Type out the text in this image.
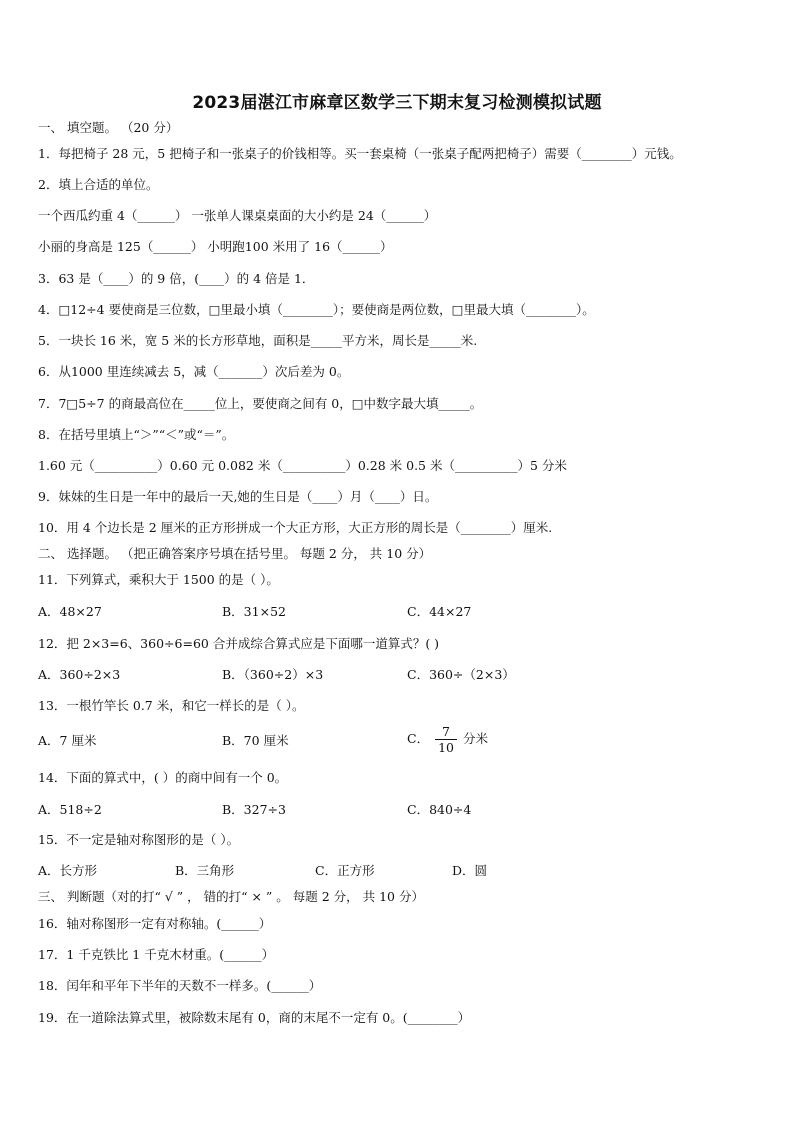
2023届湛江市麻章区数学三下期末复习检测模拟试题
一、 填空题。 （20 分）
1．每把椅子 28 元，5 把椅子和一张桌子的价钱相等。买一套桌椅（一张桌子配两把椅子）需要（________）元钱。
2．填上合适的单位。
一个西瓜约重 4（______） 一张单人课桌桌面的大小约是 24（______）
小丽的身高是 125（______） 小明跑100 米用了 16（______）
3．63 是（____）的 9 倍，(____）的 4 倍是 1．
4．□12÷4 要使商是三位数，□里最小填（________）；要使商是两位数，□里最大填（________）。
5．一块长 16 米，宽 5 米的长方形草地，面积是_____平方米，周长是_____米.
6．从1000 里连续减去 5，减（_______）次后差为 0。
7．7□5÷7 的商最高位在_____位上，要使商之间有 0，□中数字最大填_____。
8．在括号里填上“＞”“＜”或“＝”。
1.60 元（__________）0.60 元 0.082 米（__________）0.28 米 0.5 米（__________）5 分米
9．妹妹的生日是一年中的最后一天,她的生日是（____）月（____）日。
10．用 4 个边长是 2 厘米的正方形拼成一个大正方形，大正方形的周长是（________）厘米.
二、 选择题。 （把正确答案序号填在括号里。 每题 2 分， 共 10 分）
11．下列算式，乘积大于 1500 的是（ ）。
A．48×27	B．31×52	C．44×27
12．把 2×3=6、360÷6=60 合并成综合算式应是下面哪一道算式？( )
A．360÷2×3	B．（360÷2）×3	C．360÷（2×3）
13．一根竹竿长 0.7 米，和它一样长的是（ ）。
A．7 厘米	B．70 厘米	C． $\frac{7}{10}$ 分米
14．下面的算式中，( ）的商中间有一个 0。
A．518÷2	B．327÷3	C．840÷4
15．不一定是轴对称图形的是（ ）。
A．长方形	B．三角形	C．正方形	D．圆
三、 判断题（对的打“ √ ” ， 错的打“ × ” 。 每题 2 分， 共 10 分）
16．轴对称图形一定有对称轴。(______）
17．1 千克铁比 1 千克木材重。(______）
18．闰年和平年下半年的天数不一样多。(______）
19．在一道除法算式里，被除数末尾有 0，商的末尾不一定有 0。(________）
